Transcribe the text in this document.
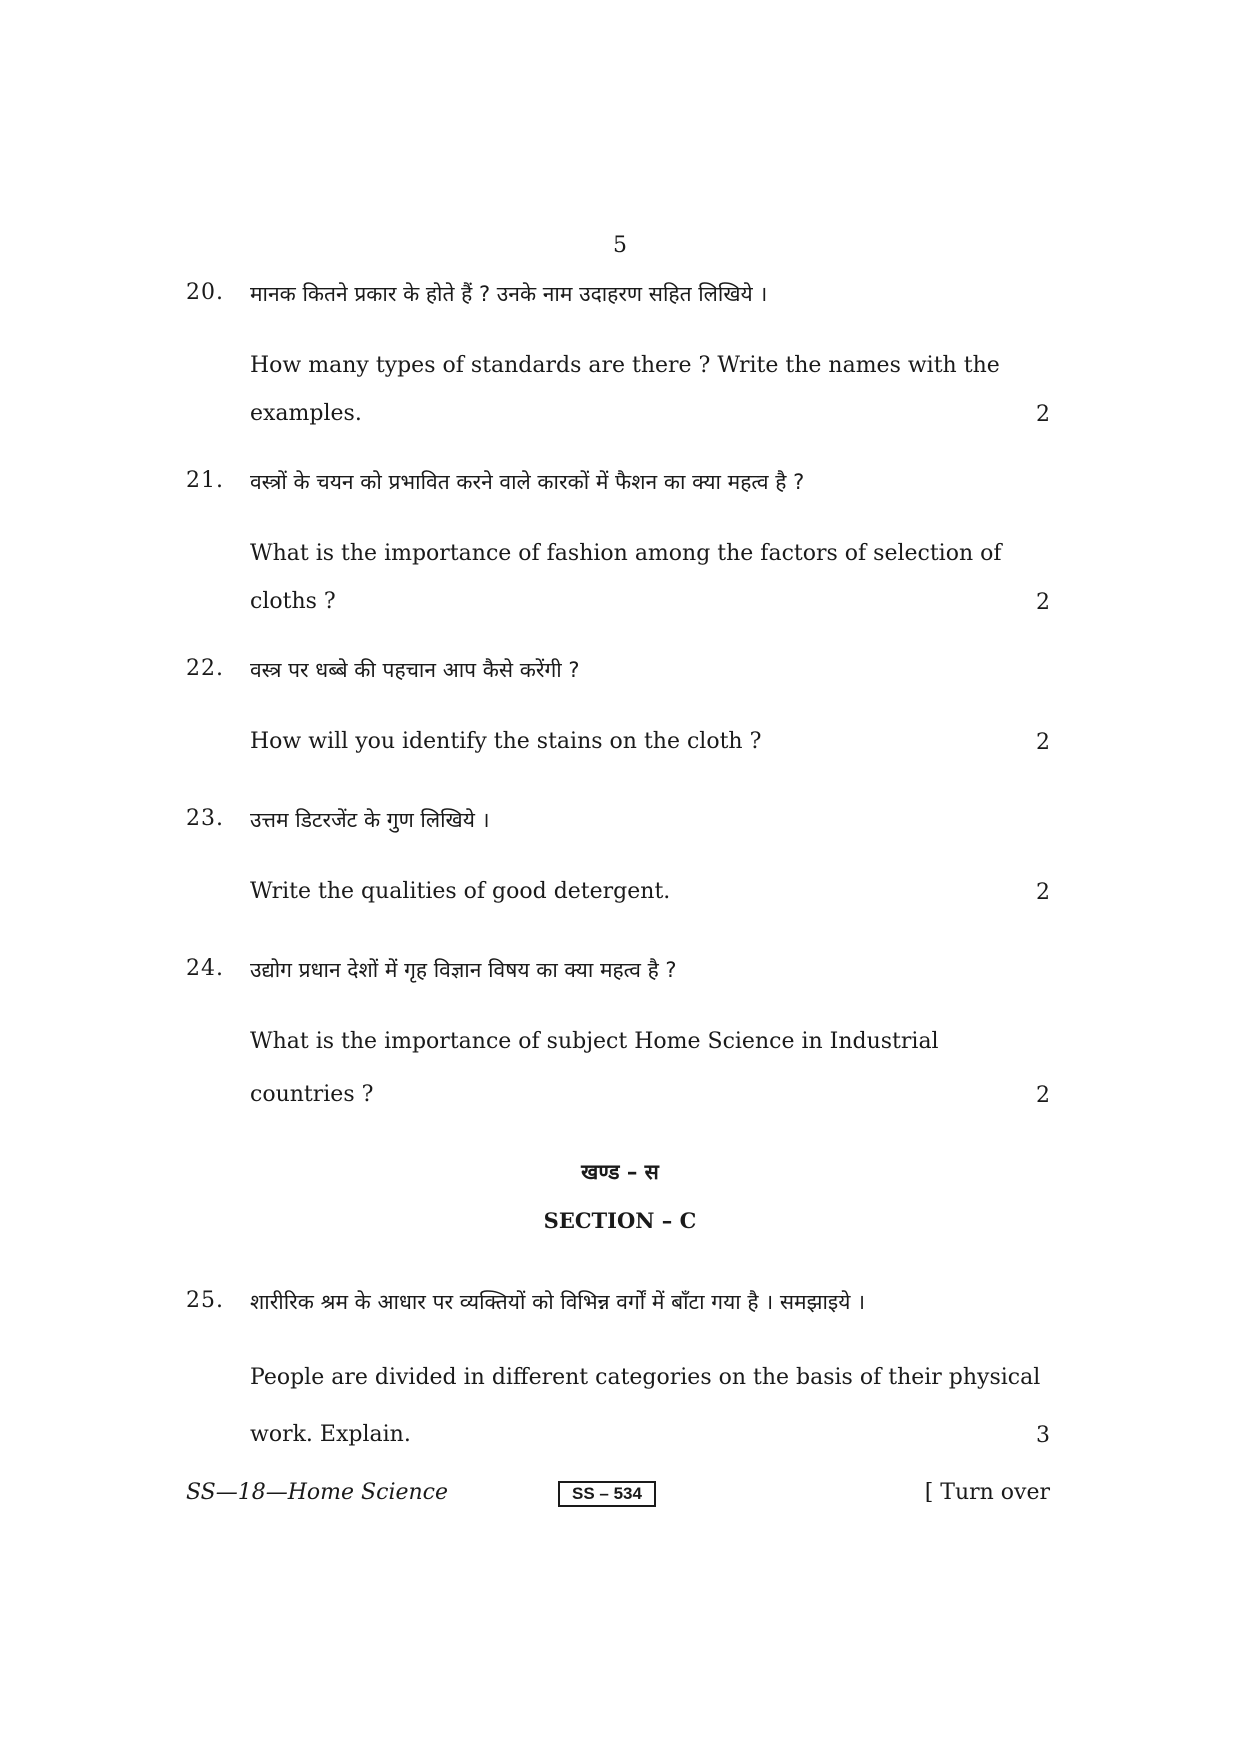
5
20. मानक कितने प्रकार के होते हैं ? उनके नाम उदाहरण सहित लिखिये ।
How many types of standards are there ? Write the names with the
examples.	2
21. वस्त्रों के चयन को प्रभावित करने वाले कारकों में फैशन का क्या महत्व है ?
What is the importance of fashion among the factors of selection of
cloths ?	2
22. वस्त्र पर धब्बे की पहचान आप कैसे करेंगी ?
How will you identify the stains on the cloth ?	2
23. उत्तम डिटरजेंट के गुण लिखिये ।
Write the qualities of good detergent.	2
24. उद्योग प्रधान देशों में गृह विज्ञान विषय का क्या महत्व है ?
What is the importance of subject Home Science in Industrial
countries ?	2
खण्ड – स
SECTION – C
25. शारीरिक श्रम के आधार पर व्यक्तियों को विभिन्न वर्गों में बाँटा गया है । समझाइये ।
People are divided in different categories on the basis of their physical
work. Explain.	3
SS—18—Home Science	SS – 534	[ Turn over
